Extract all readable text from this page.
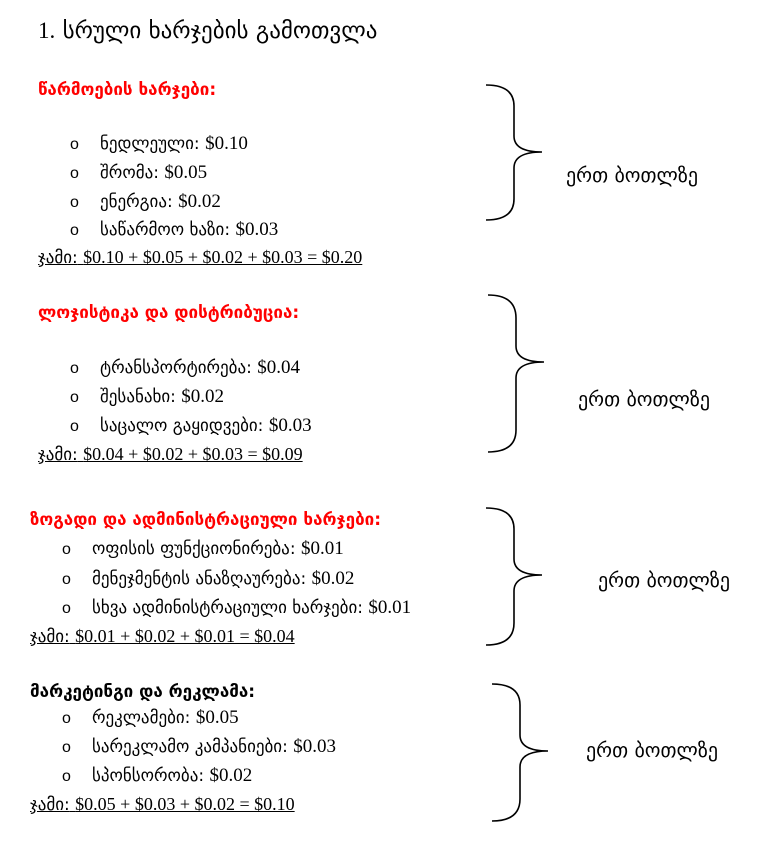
1. სრული ხარჯების გამოთვლა
წარმოების ხარჯები:
o ნედლეული: $0.10
o შრომა: $0.05
o ენერგია: $0.02
o საწარმოო ხაზი: $0.03
ჯამი: $0.10 + $0.05 + $0.02 + $0.03 = $0.20
ერთ ბოთლზე
ლოჯისტიკა და დისტრიბუცია:
o ტრანსპორტირება: $0.04
o შესანახი: $0.02
o საცალო გაყიდვები: $0.03
ჯამი: $0.04 + $0.02 + $0.03 = $0.09
ერთ ბოთლზე
ზოგადი და ადმინისტრაციული ხარჯები:
o ოფისის ფუნქციონირება: $0.01
o მენეჯმენტის ანაზღაურება: $0.02
o სხვა ადმინისტრაციული ხარჯები: $0.01
ჯამი: $0.01 + $0.02 + $0.01 = $0.04
ერთ ბოთლზე
მარკეტინგი და რეკლამა:
o რეკლამები: $0.05
o სარეკლამო კამპანიები: $0.03
o სპონსორობა: $0.02
ჯამი: $0.05 + $0.03 + $0.02 = $0.10
ერთ ბოთლზე
